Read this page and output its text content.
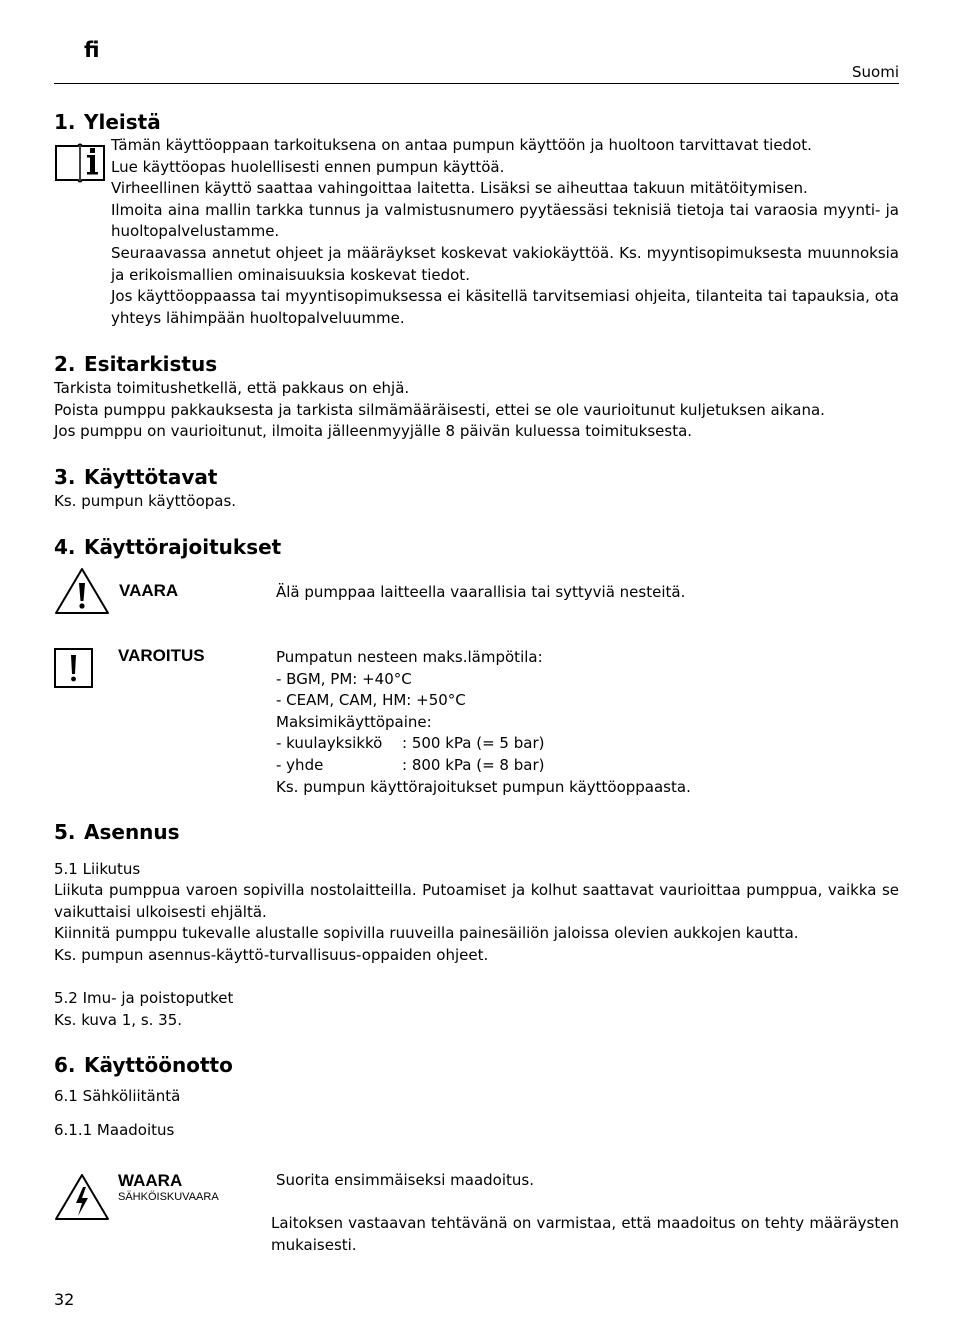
fi
Suomi
1. Yleistä

Tämän käyttöoppaan tarkoituksena on antaa pumpun käyttöön ja huoltoon tarvittavat tiedot.

Lue käyttöopas huolellisesti ennen pumpun käyttöä.

Virheellinen käyttö saattaa vahingoittaa laitetta. Lisäksi se aiheuttaa takuun mitätöitymisen.

Ilmoita aina mallin tarkka tunnus ja valmistusnumero pyytäessäsi teknisiä tietoja tai varaosia myynti- ja huoltopalvelustamme.

Seuraavassa annetut ohjeet ja määräykset koskevat vakiokäyttöä. Ks. myyntisopimuksesta muunnoksia ja erikoismallien ominaisuuksia koskevat tiedot.

Jos käyttöoppaassa tai myyntisopimuksessa ei käsitellä tarvitsemiasi ohjeita, tilanteita tai tapauksia, ota yhteys lähimpään huoltopalveluumme.

2. Esitarkistus

Tarkista toimitushetkellä, että pakkaus on ehjä.

Poista pumppu pakkauksesta ja tarkista silmämääräisesti, ettei se ole vaurioitunut kuljetuksen aikana.

Jos pumppu on vaurioitunut, ilmoita jälleenmyyjälle 8 päivän kuluessa toimituksesta.

3. Käyttötavat

Ks. pumpun käyttöopas.

4. Käyttörajoitukset
VAARA	Älä pumppaa laitteella vaarallisia tai syttyviä nesteitä.

VAROITUS	Pumpatun nesteen maks.lämpötila:

- BGM, PM: +40°C

- CEAM, CAM, HM: +50°C

Maksimikäyttöpaine:

- kuulayksikkö : 500 kPa (= 5 bar)

- yhde	: 800 kPa (= 8 bar)

Ks. pumpun käyttörajoitukset pumpun käyttöoppaasta.

5. Asennus
5.1 Liikutus

Liikuta pumppua varoen sopivilla nostolaitteilla. Putoamiset ja kolhut saattavat vaurioittaa pumppua, vaikka se vaikuttaisi ulkoisesti ehjältä.

Kiinnitä pumppu tukevalle alustalle sopivilla ruuveilla painesäiliön jaloissa olevien aukkojen kautta.

Ks. pumpun asennus-käyttö-turvallisuus-oppaiden ohjeet.

5.2 Imu- ja poistoputket

Ks. kuva 1, s. 35.

6. Käyttöönotto
6.1 Sähköliitäntä
6.1.1 Maadoitus
WAARA
SÄHKÖISKUVAARA

Suorita ensimmäiseksi maadoitus.

Laitoksen vastaavan tehtävänä on varmistaa, että maadoitus on tehty määräysten mukaisesti.

32
